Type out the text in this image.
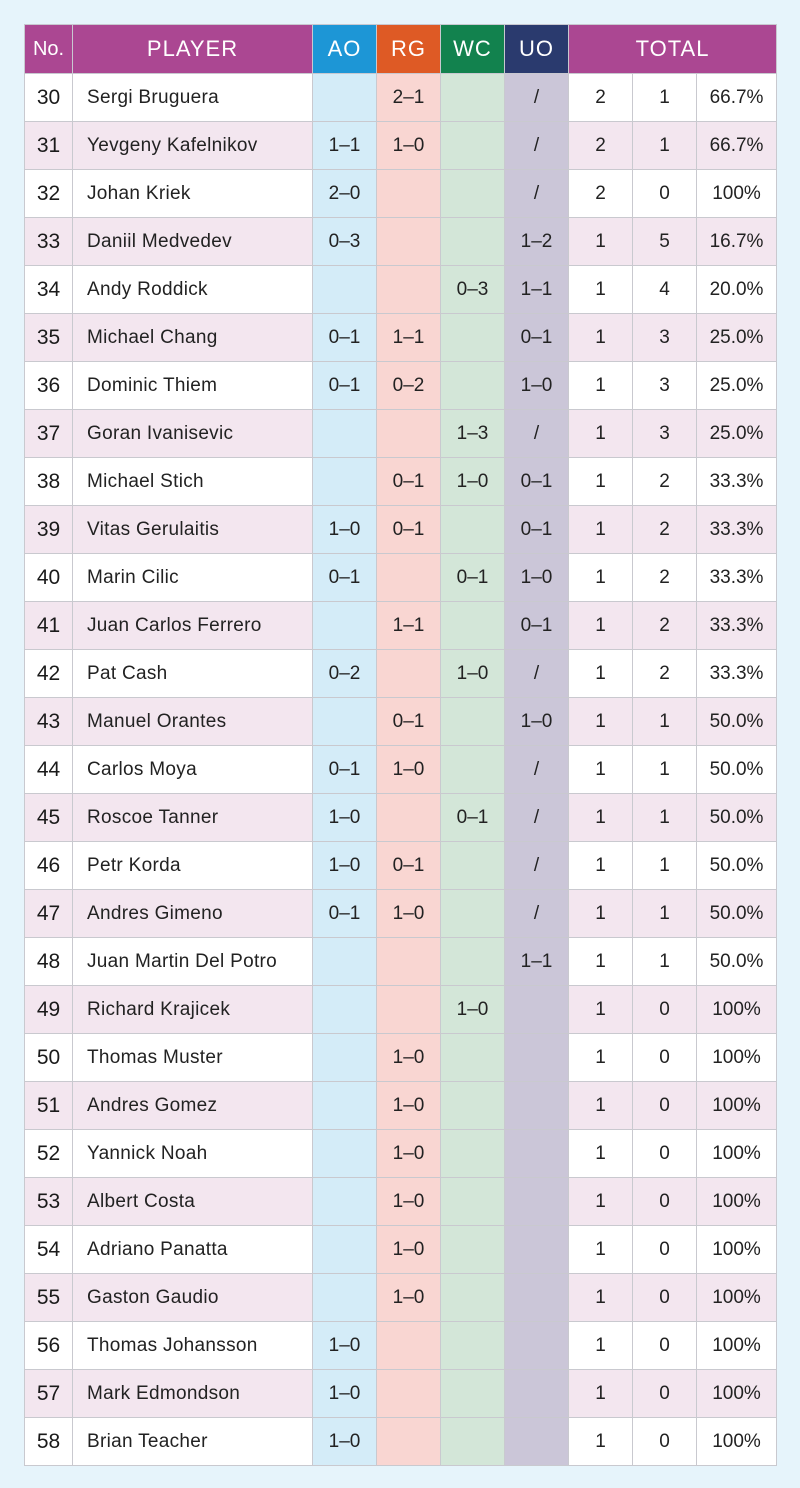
No.	PLAYER	AO	RG	WC	UO	TOTAL		
30	Sergi Bruguera		2–1		/	2	1	66.7%
31	Yevgeny Kafelnikov	1–1	1–0		/	2	1	66.7%
32	Johan Kriek	2–0			/	2	0	100%
33	Daniil Medvedev	0–3			1–2	1	5	16.7%
34	Andy Roddick			0–3	1–1	1	4	20.0%
35	Michael Chang	0–1	1–1		0–1	1	3	25.0%
36	Dominic Thiem	0–1	0–2		1–0	1	3	25.0%
37	Goran Ivanisevic			1–3	/	1	3	25.0%
38	Michael Stich		0–1	1–0	0–1	1	2	33.3%
39	Vitas Gerulaitis	1–0	0–1		0–1	1	2	33.3%
40	Marin Cilic	0–1		0–1	1–0	1	2	33.3%
41	Juan Carlos Ferrero		1–1		0–1	1	2	33.3%
42	Pat Cash	0–2		1–0	/	1	2	33.3%
43	Manuel Orantes		0–1		1–0	1	1	50.0%
44	Carlos Moya	0–1	1–0		/	1	1	50.0%
45	Roscoe Tanner	1–0		0–1	/	1	1	50.0%
46	Petr Korda	1–0	0–1		/	1	1	50.0%
47	Andres Gimeno	0–1	1–0		/	1	1	50.0%
48	Juan Martin Del Potro				1–1	1	1	50.0%
49	Richard Krajicek			1–0		1	0	100%
50	Thomas Muster		1–0			1	0	100%
51	Andres Gomez		1–0			1	0	100%
52	Yannick Noah		1–0			1	0	100%
53	Albert Costa		1–0			1	0	100%
54	Adriano Panatta		1–0			1	0	100%
55	Gaston Gaudio		1–0			1	0	100%
56	Thomas Johansson	1–0				1	0	100%
57	Mark Edmondson	1–0				1	0	100%
58	Brian Teacher	1–0				1	0	100%
